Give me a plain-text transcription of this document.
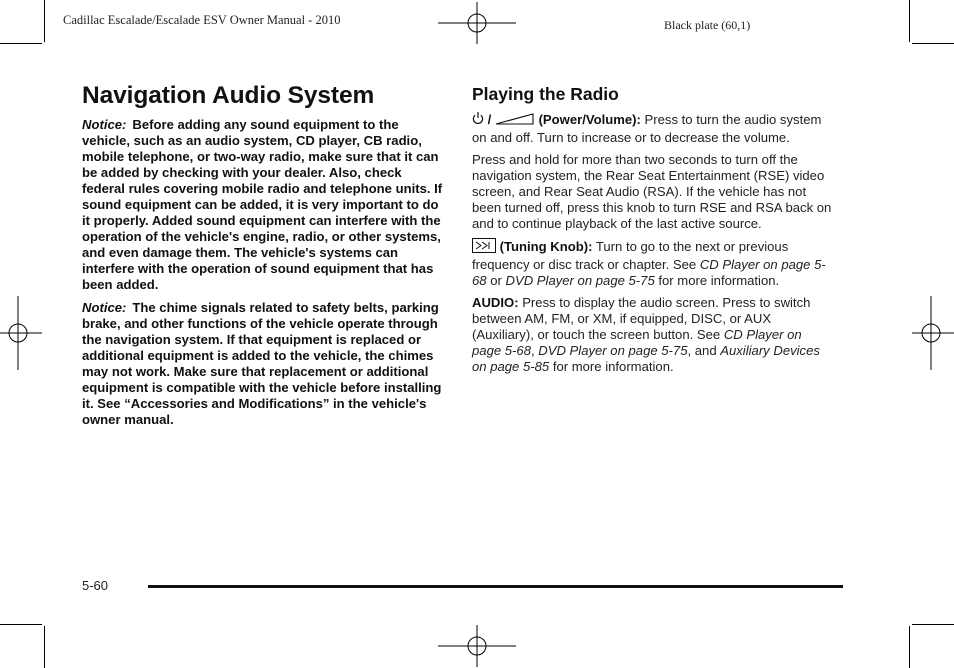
Cadillac Escalade/Escalade ESV Owner Manual - 2010	Black plate (60,1)
Navigation Audio System

Notice: Before adding any sound equipment to the vehicle, such as an audio system, CD player, CB radio, mobile telephone, or two-way radio, make sure that it can be added by checking with your dealer. Also, check federal rules covering mobile radio and telephone units. If sound equipment can be added, it is very important to do it properly. Added sound equipment can interfere with the operation of the vehicle's engine, radio, or other systems, and even damage them. The vehicle's systems can interfere with the operation of sound equipment that has been added.

Notice: The chime signals related to safety belts, parking brake, and other functions of the vehicle operate through the navigation system. If that equipment is replaced or additional equipment is added to the vehicle, the chimes may not work. Make sure that replacement or additional equipment is compatible with the vehicle before installing it. See “Accessories and Modifications” in the vehicle's owner manual.

Playing the Radio

/	(Power/Volume): Press to turn the audio system on and off. Turn to increase or to decrease the volume.

Press and hold for more than two seconds to turn off the navigation system, the Rear Seat Entertainment (RSE) video screen, and Rear Seat Audio (RSA). If the vehicle has not been turned off, press this knob to turn RSE and RSA back on and to continue playback of the last active source.

(Tuning Knob): Turn to go to the next or previous frequency or disc track or chapter. See CD Player on page 5-68 or DVD Player on page 5-75 for more information.

AUDIO: Press to display the audio screen. Press to switch between AM, FM, or XM, if equipped, DISC, or AUX (Auxiliary), or touch the screen button. See CD Player on page 5-68, DVD Player on page 5-75, and Auxiliary Devices on page 5-85 for more information.

5-60
